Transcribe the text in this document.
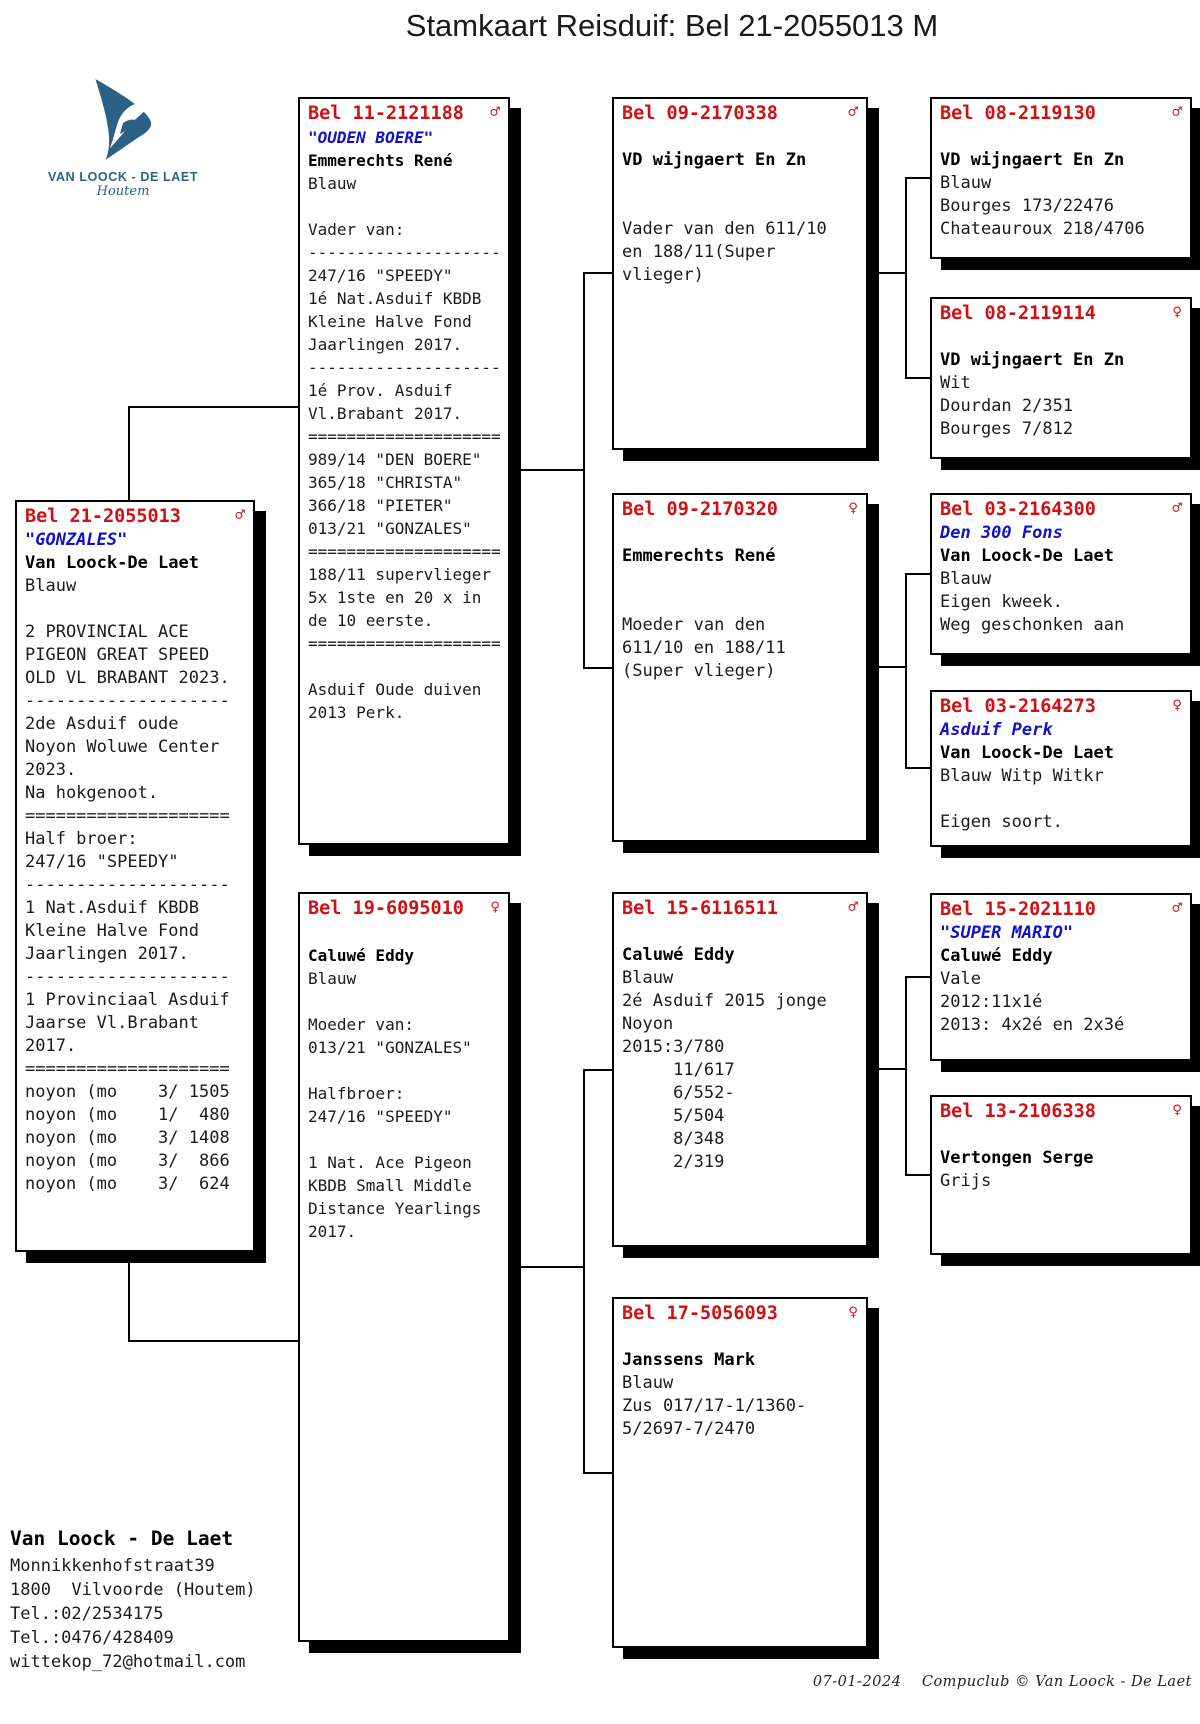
Stamkaart Reisduif: Bel 21-2055013 M
VAN LOOCK - DE LAET
Houtem
Bel 21-2055013	♂
"GONZALES"
Van Loock-De Laet
Blauw

2 PROVINCIAL ACE
PIGEON GREAT SPEED
OLD VL BRABANT 2023.
--------------------
2de Asduif oude
Noyon Woluwe Center
2023.
Na hokgenoot.
====================
Half broer:
247/16 "SPEEDY"
--------------------
1 Nat.Asduif KBDB
Kleine Halve Fond
Jaarlingen 2017.
--------------------
1 Provinciaal Asduif
Jaarse Vl.Brabant
2017.
====================
noyon (mo    3/ 1505
noyon (mo    1/  480
noyon (mo    3/ 1408
noyon (mo    3/  866
noyon (mo    3/  624
Bel 11-2121188 ♂
"OUDEN BOERE"
Emmerechts René
Blauw

Vader van:
--------------------
247/16 "SPEEDY"
1é Nat.Asduif KBDB
Kleine Halve Fond
Jaarlingen 2017.
--------------------
1é Prov. Asduif
Vl.Brabant 2017.
====================
989/14 "DEN BOERE"
365/18 "CHRISTA"
366/18 "PIETER"
013/21 "GONZALES"
====================
188/11 supervlieger
5x 1ste en 20 x in
de 10 eerste.
====================

Asduif Oude duiven
2013 Perk.
Bel 19-6095010 ♀

Caluwé Eddy
Blauw

Moeder van:
013/21 "GONZALES"

Halfbroer:
247/16 "SPEEDY"

1 Nat. Ace Pigeon
KBDB Small Middle
Distance Yearlings
2017.
Bel 09-2170338	♂

VD wijngaert En Zn

Vader van den 611/10
en 188/11(Super
vlieger)
Bel 09-2170320	♀

Emmerechts René

Moeder van den
611/10 en 188/11
(Super vlieger)
Bel 15-6116511	♂

Caluwé Eddy
Blauw
2é Asduif 2015 jonge
Noyon
2015:3/780
11/617
6/552-
5/504
8/348
2/319
Bel 17-5056093	♀

Janssens Mark
Blauw
Zus 017/17-1/1360-
5/2697-7/2470
Bel 08-2119130	♂

VD wijngaert En Zn
Blauw
Bourges 173/22476
Chateauroux 218/4706
Bel 08-2119114	♀

VD wijngaert En Zn
Wit
Dourdan 2/351
Bourges 7/812
Bel 03-2164300	♂
Den 300 Fons
Van Loock-De Laet
Blauw
Eigen kweek.
Weg geschonken aan
Bel 03-2164273	♀
Asduif Perk
Van Loock-De Laet
Blauw Witp Witkr

Eigen soort.
Bel 15-2021110	♂
"SUPER MARIO"
Caluwé Eddy
Vale
2012:11x1é
2013: 4x2é en 2x3é
Bel 13-2106338	♀

Vertongen Serge
Grijs
Van Loock - De Laet
Monnikkenhofstraat39
1800  Vilvoorde (Houtem)
Tel.:02/2534175
Tel.:0476/428409
wittekop_72@hotmail.com
07-01-2024    Compuclub © Van Loock - De Laet
